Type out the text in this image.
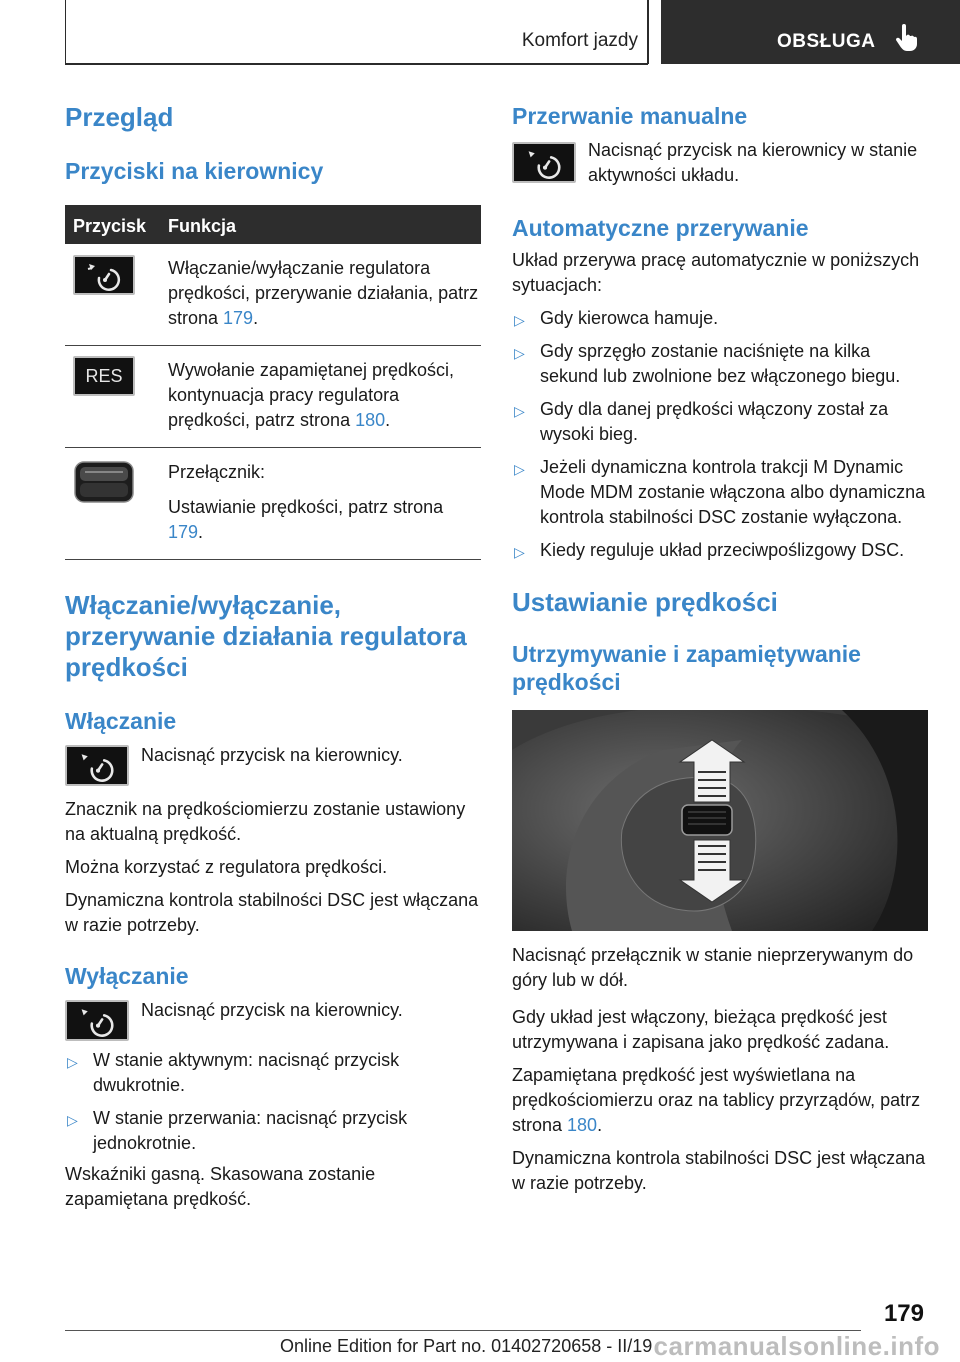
Komfort jazdy	OBSŁUGA
Przegląd
Przyciski na kierownicy
Przycisk Funkcja

Włączanie/wyłączanie regulatora prędkości, przerywanie działania, patrz strona 179.

RES	Wywołanie zapamiętanej prędkości, kontynuacja pracy regulatora prędkości, patrz strona 180.

Przełącznik:

Ustawianie prędkości, patrz strona 179.

Włączanie/wyłączanie, przerywanie działania regulatora prędkości
Włączanie

Nacisnąć przycisk na kierownicy.

Znacznik na prędkościomierzu zostanie ustawiony na aktualną prędkość.

Można korzystać z regulatora prędkości.

Dynamiczna kontrola stabilności DSC jest włączana w razie potrzeby.

Wyłączanie

Nacisnąć przycisk na kierownicy.

▷ W stanie aktywnym: nacisnąć przycisk dwukrotnie.
▷ W stanie przerwania: nacisnąć przycisk jednokrotnie.

Wskaźniki gasną. Skasowana zostanie zapamiętana prędkość.

Przerwanie manualne

Nacisnąć przycisk na kierownicy w stanie aktywności układu.

Automatyczne przerywanie

Układ przerywa pracę automatycznie w poniższych sytuacjach:

▷ Gdy kierowca hamuje.
▷ Gdy sprzęgło zostanie naciśnięte na kilka sekund lub zwolnione bez włączonego biegu.
▷ Gdy dla danej prędkości włączony został za wysoki bieg.
▷ Jeżeli dynamiczna kontrola trakcji M Dynamic Mode MDM zostanie włączona albo dynamiczna kontrola stabilności DSC zostanie wyłączona.
▷ Kiedy reguluje układ przeciwpoślizgowy DSC.
Ustawianie prędkości
Utrzymywanie i zapamiętywanie prędkości

Nacisnąć przełącznik w stanie nieprzerywanym do góry lub w dół.

Gdy układ jest włączony, bieżąca prędkość jest utrzymywana i zapisana jako prędkość zadana.

Zapamiętana prędkość jest wyświetlana na prędkościomierzu oraz na tablicy przyrządów, patrz strona 180.

Dynamiczna kontrola stabilności DSC jest włączana w razie potrzeby.

179
Online Edition for Part no. 01402720658 - II/19 carmanualsonline.info
